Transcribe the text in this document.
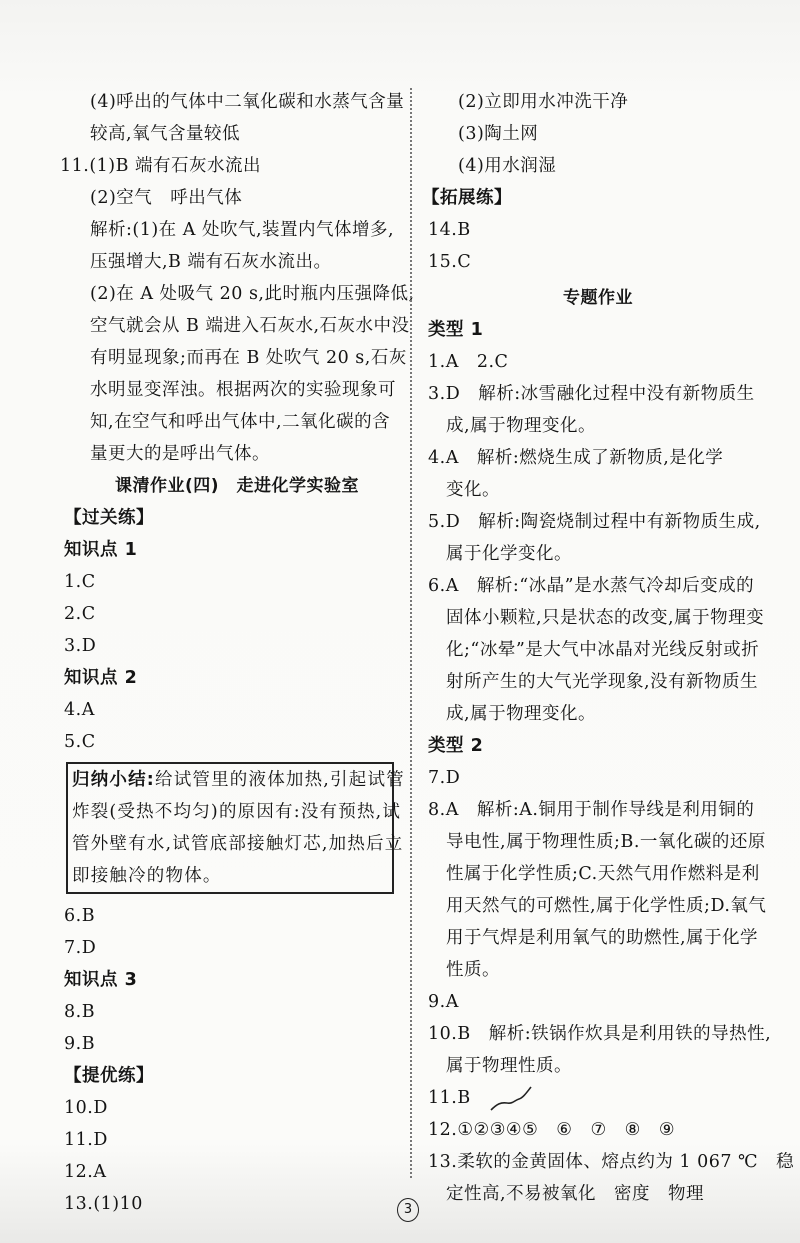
(4)呼出的气体中二氧化碳和水蒸气含量
较高,氧气含量较低
11.(1)B 端有石灰水流出
(2)空气　呼出气体
解析:(1)在 A 处吹气,装置内气体增多,
压强增大,B 端有石灰水流出。
(2)在 A 处吸气 20 s,此时瓶内压强降低,
空气就会从 B 端进入石灰水,石灰水中没
有明显现象;而再在 B 处吹气 20 s,石灰
水明显变浑浊。根据两次的实验现象可
知,在空气和呼出气体中,二氧化碳的含
量更大的是呼出气体。
课清作业(四)　走进化学实验室
【过关练】
知识点 1
1.C
2.C
3.D
知识点 2
4.A
5.C
归纳小结:给试管里的液体加热,引起试管
炸裂(受热不均匀)的原因有:没有预热,试
管外壁有水,试管底部接触灯芯,加热后立
即接触冷的物体。
6.B
7.D
知识点 3
8.B
9.B
【提优练】
10.D
11.D
12.A
13.(1)10
(2)立即用水冲洗干净
(3)陶土网
(4)用水润湿
【拓展练】
14.B
15.C
专题作业
类型 1
1.A　2.C
3.D　解析:冰雪融化过程中没有新物质生
成,属于物理变化。
4.A　解析:燃烧生成了新物质,是化学
变化。
5.D　解析:陶瓷烧制过程中有新物质生成,
属于化学变化。
6.A　解析:“冰晶”是水蒸气冷却后变成的
固体小颗粒,只是状态的改变,属于物理变
化;“冰晕”是大气中冰晶对光线反射或折
射所产生的大气光学现象,没有新物质生
成,属于物理变化。
类型 2
7.D
8.A　解析:A.铜用于制作导线是利用铜的
导电性,属于物理性质;B.一氧化碳的还原
性属于化学性质;C.天然气用作燃料是利
用天然气的可燃性,属于化学性质;D.氧气
用于气焊是利用氧气的助燃性,属于化学
性质。
9.A
10.B　解析:铁锅作炊具是利用铁的导热性,
属于物理性质。
11.B
12.①②③④⑤　⑥　⑦　⑧　⑨
13.柔软的金黄固体、熔点约为 1 067 ℃　稳
定性高,不易被氧化　密度　物理
3
